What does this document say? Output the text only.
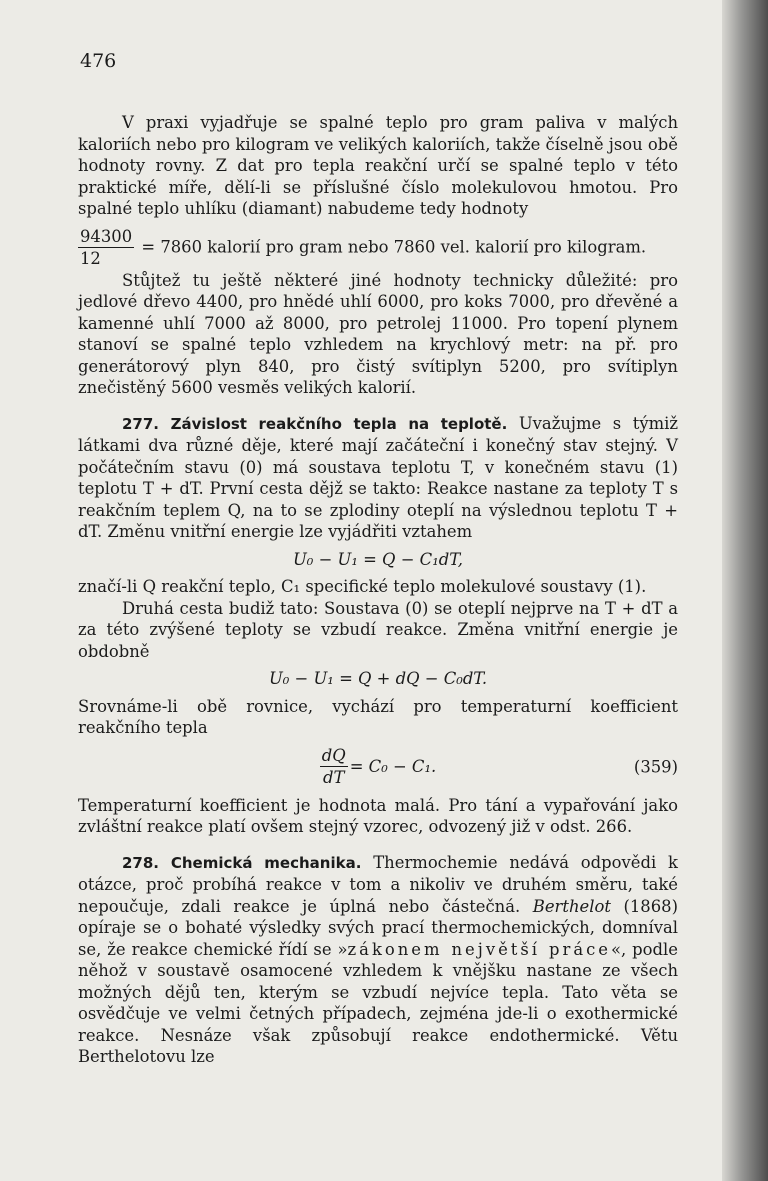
476

V praxi vyjadřuje se spalné teplo pro gram paliva v malých kaloriích nebo pro kilogram ve velikých kaloriích, takže číselně jsou obě hodnoty rovny. Z dat pro tepla reakční určí se spalné teplo v této praktické míře, dělí-li se příslušné číslo molekulovou hmotou. Pro spalné teplo uhlíku (diamant) nabudeme tedy hodnoty

$\frac{94300}{12} = 7860$ kalorií pro gram nebo 7860 vel. kalorií pro kilogram.

Stůjtež tu ještě některé jiné hodnoty technicky důležité: pro jedlové dřevo 4400, pro hnědé uhlí 6000, pro koks 7000, pro dřevěné a kamenné uhlí 7000 až 8000, pro petrolej 11000. Pro topení plynem stanoví se spalné teplo vzhledem na krychlový metr: na př. pro generátorový plyn 840, pro čistý svítiplyn 5200, pro svítiplyn znečistěný 5600 vesměs velikých kalorií.

277. Závislost reakčního tepla na teplotě. Uvažujme s týmiž látkami dva různé děje, které mají začáteční i konečný stav stejný. V počátečním stavu (0) má soustava teplotu T, v konečném stavu (1) teplotu T + dT. První cesta dějž se takto: Reakce nastane za teploty T s reakčním teplem Q, na to se zplodiny oteplí na výslednou teplotu T + dT. Změnu vnitřní energie lze vyjádřiti vztahem

U₀ − U₁ = Q − C₁dT,

značí-li Q reakční teplo, C₁ specifické teplo molekulové soustavy (1).

Druhá cesta budiž tato: Soustava (0) se oteplí nejprve na T + dT a za této zvýšené teploty se vzbudí reakce. Změna vnitřní energie je obdobně

U₀ − U₁ = Q + dQ − C₀dT.

Srovnáme-li obě rovnice, vychází pro temperaturní koefficient reakčního tepla

$\frac{dQ}{dT} = C_0 - C_1$.	(359)

Temperaturní koefficient je hodnota malá. Pro tání a vypařování jako zvláštní reakce platí ovšem stejný vzorec, odvozený již v odst. 266.

278. Chemická mechanika. Thermochemie nedává odpovědi k otázce, proč probíhá reakce v tom a nikoliv ve druhém směru, také nepoučuje, zdali reakce je úplná nebo částečná. Berthelot (1868) opíraje se o bohaté výsledky svých prací thermochemických, domníval se, že reakce chemické řídí se »zákonem největší práce«, podle něhož v soustavě osamocené vzhledem k vnějšku nastane ze všech možných dějů ten, kterým se vzbudí nejvíce tepla. Tato věta se osvědčuje ve velmi četných případech, zejména jde-li o exothermické reakce. Nesnáze však způsobují reakce endothermické. Větu Berthelotovu lze
